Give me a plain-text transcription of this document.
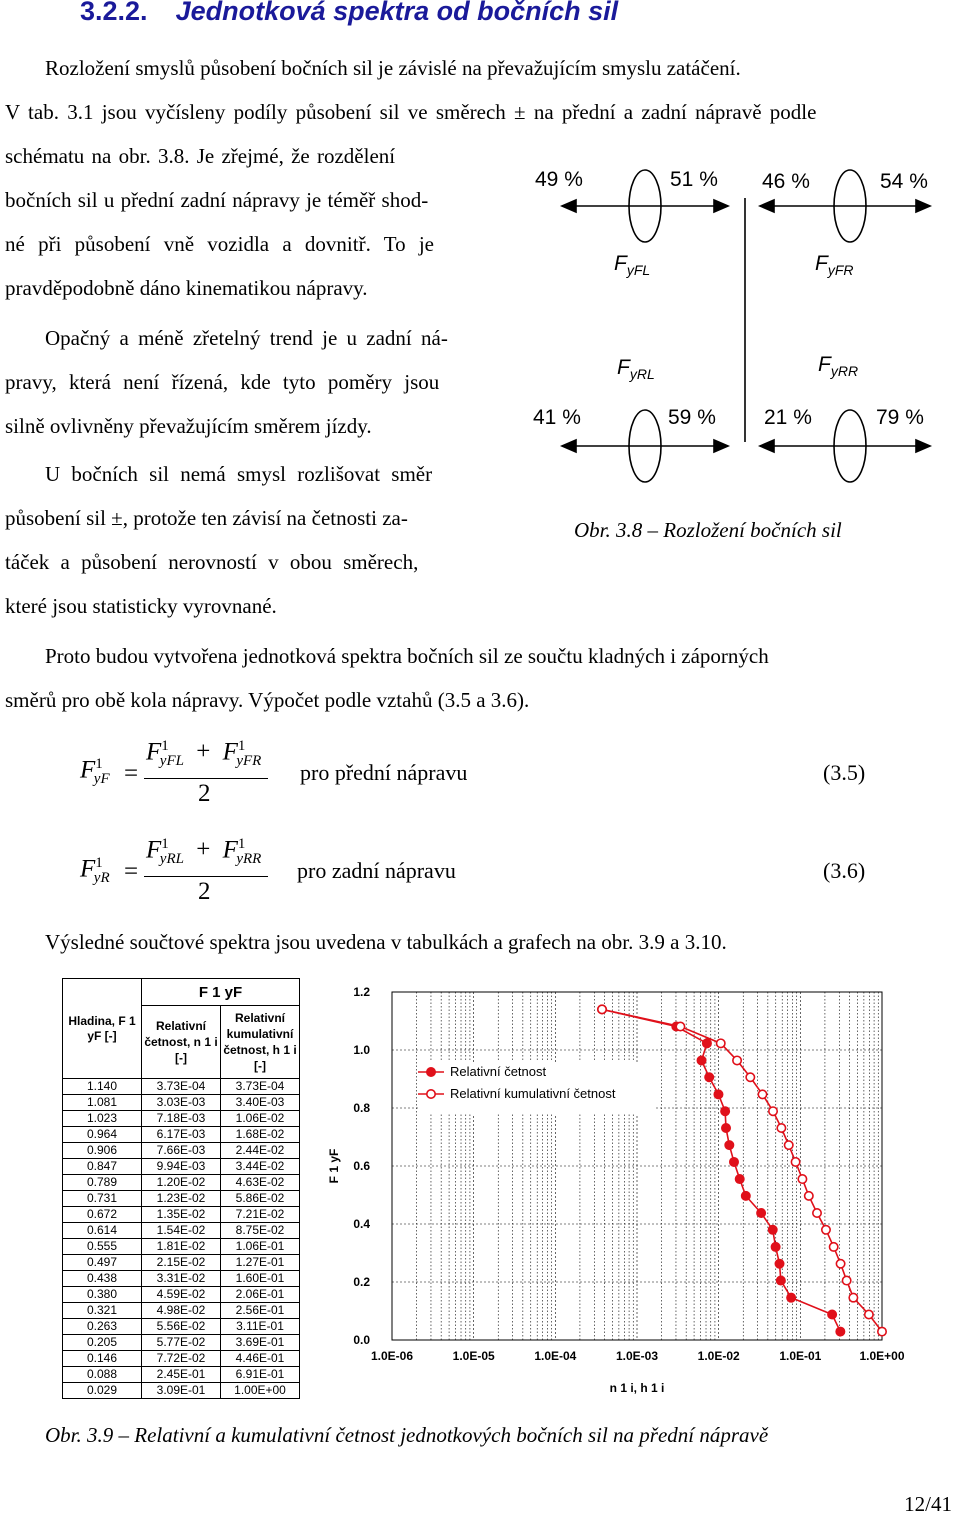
3.2.2. Jednotková spektra od bočních sil
Rozložení smyslů působení bočních sil je závislé na převažujícím smyslu zatáčení.
V tab. 3.1 jsou vyčísleny podíly působení sil ve směrech ± na přední a zadní nápravě podle
schématu na obr. 3.8. Je zřejmé, že rozdělení
bočních sil u přední zadní nápravy je téměř shod-
né při působení vně vozidla a dovnitř. To je
pravděpodobně dáno kinematikou nápravy.
Opačný a méně zřetelný trend je u zadní ná-
pravy, která není řízená, kde tyto poměry jsou
silně ovlivněny převažujícím směrem jízdy.
U bočních sil nemá smysl rozlišovat směr
působení sil ±, protože ten závisí na četnosti za-
táček a působení nerovností v obou směrech,
které jsou statisticky vyrovnané.
49 %	51 % 46 %	54 %
$F_{yFL}$	$F_{yFR}$
$F_{yRL}$	$F_{yRR}$
41 %	59 % 21 %	79 %
Obr. 3.8 – Rozložení bočních sil
Proto budou vytvořena jednotková spektra bočních sil ze součtu kladných i záporných
směrů pro obě kola nápravy. Výpočet podle vztahů (3.5 a 3.6).
$F^1_{yF}$ =
$F^1_{yFL} + F^1_{yFR}$
2
pro přední nápravu	(3.5)
$F^1_{yR}$ =
$F^1_{yRL} + F^1_{yRR}$
2
pro zadní nápravu	(3.6)
Výsledné součtové spektra jsou uvedena v tabulkách a grafech na obr. 3.9 a 3.10.
Hladina, F 1 yF [-]	F 1 yF	
	Relativní četnost, n 1 i [-]	Relativní kumulativní četnost, h 1 i [-]
1.140	3.73E-04	3.73E-04
1.081	3.03E-03	3.40E-03
1.023	7.18E-03	1.06E-02
0.964	6.17E-03	1.68E-02
0.906	7.66E-03	2.44E-02
0.847	9.94E-03	3.44E-02
0.789	1.20E-02	4.63E-02
0.731	1.23E-02	5.86E-02
0.672	1.35E-02	7.21E-02
0.614	1.54E-02	8.75E-02
0.555	1.81E-02	1.06E-01
0.497	2.15E-02	1.27E-01
0.438	3.31E-02	1.60E-01
0.380	4.59E-02	2.06E-01
0.321	4.98E-02	2.56E-01
0.263	5.56E-02	3.11E-01
0.205	5.77E-02	3.69E-01
0.146	7.72E-02	4.46E-01
0.088	2.45E-01	6.91E-01
0.029	3.09E-01	1.00E+00
1.0E-06	1.0E-05	1.0E-04	1.0E-03	1.0E-02	1.0E-01	1.0E+00
0.0
0.2
0.4
0.6
0.8
1.0
1.2
n 1 i, h 1 i
F 1 yF
Relativní četnost
Relativní kumulativní četnost
Obr. 3.9 – Relativní a kumulativní četnost jednotkových bočních sil na přední nápravě
12/41
